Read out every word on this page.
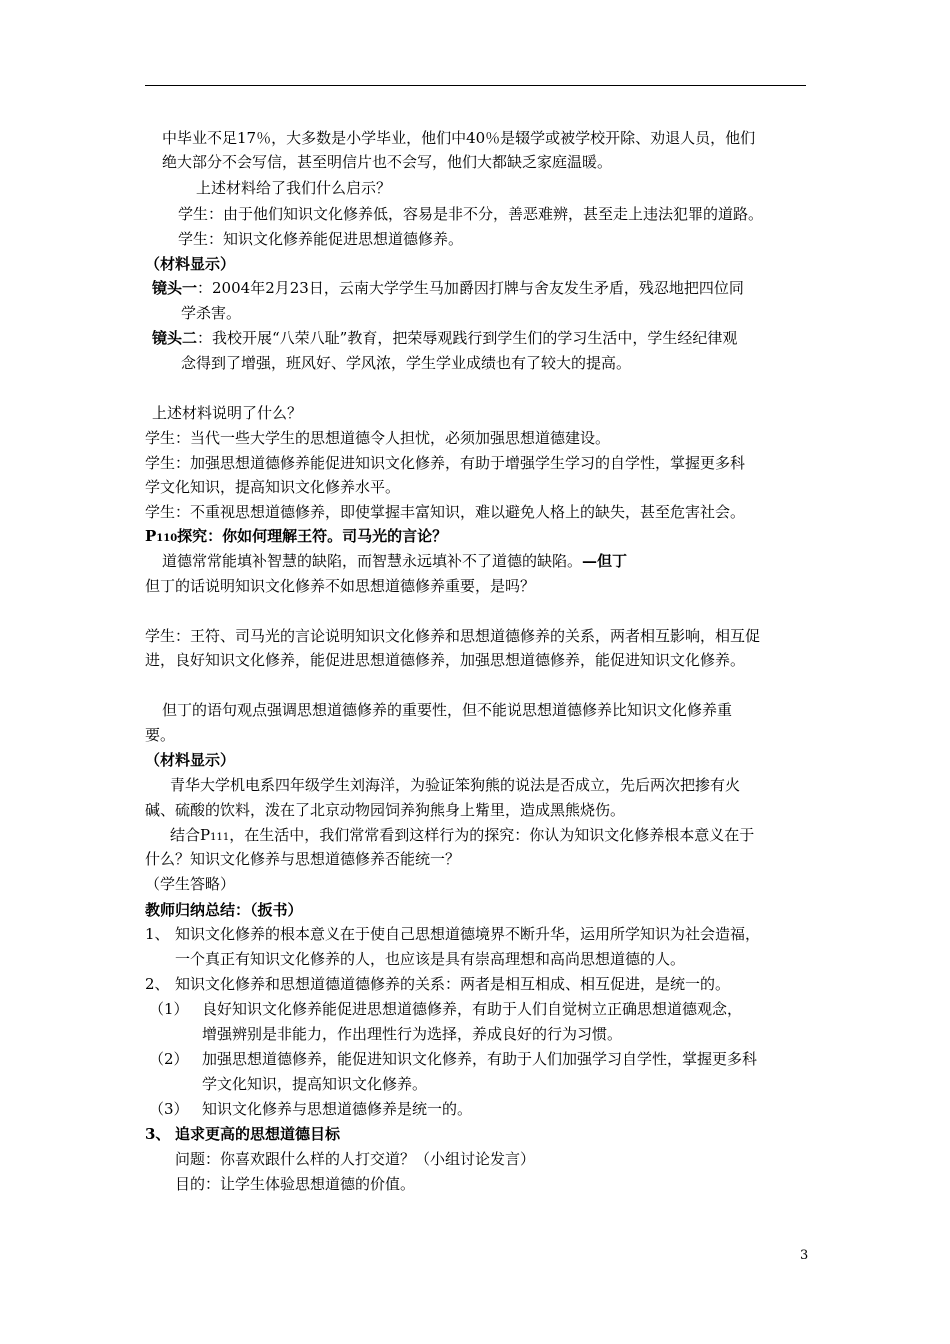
中毕业不足17％，大多数是小学毕业，他们中40％是辍学或被学校开除、劝退人员，他们
绝大部分不会写信，甚至明信片也不会写，他们大都缺乏家庭温暖。
上述材料给了我们什么启示？
学生：由于他们知识文化修养低，容易是非不分，善恶难辨，甚至走上违法犯罪的道路。
学生：知识文化修养能促进思想道德修养。
（材料显示）
镜头一：2004年2月23日，云南大学学生马加爵因打牌与舍友发生矛盾，残忍地把四位同
学杀害。
镜头二：我校开展“八荣八耻”教育，把荣辱观践行到学生们的学习生活中，学生经纪律观
念得到了增强，班风好、学风浓，学生学业成绩也有了较大的提高。
上述材料说明了什么？
学生：当代一些大学生的思想道德令人担忧，必须加强思想道德建设。
学生：加强思想道德修养能促进知识文化修养，有助于增强学生学习的自学性，掌握更多科
学文化知识，提高知识文化修养水平。
学生：不重视思想道德修养，即使掌握丰富知识，难以避免人格上的缺失，甚至危害社会。
P110探究：你如何理解王符。司马光的言论？
道德常常能填补智慧的缺陷，而智慧永远填补不了道德的缺陷。—但丁
但丁的话说明知识文化修养不如思想道德修养重要，是吗？
学生：王符、司马光的言论说明知识文化修养和思想道德修养的关系，两者相互影响，相互促
进，良好知识文化修养，能促进思想道德修养，加强思想道德修养，能促进知识文化修养。
但丁的语句观点强调思想道德修养的重要性，但不能说思想道德修养比知识文化修养重
要。
（材料显示）
青华大学机电系四年级学生刘海洋，为验证笨狗熊的说法是否成立，先后两次把掺有火
碱、硫酸的饮料，泼在了北京动物园饲养狗熊身上觜里，造成黑熊烧伤。
结合P111，在生活中，我们常常看到这样行为的探究：你认为知识文化修养根本意义在于
什么？知识文化修养与思想道德修养否能统一？
（学生答略）
教师归纳总结：（扳书）
1、 知识文化修养的根本意义在于使自己思想道德境界不断升华，运用所学知识为社会造福，
一个真正有知识文化修养的人，也应该是具有崇高理想和高尚思想道德的人。
2、 知识文化修养和思想道德道德修养的关系：两者是相互相成、相互促进，是统一的。
（1） 良好知识文化修养能促进思想道德修养，有助于人们自觉树立正确思想道德观念，
增强辨别是非能力，作出理性行为选择，养成良好的行为习惯。
（2） 加强思想道德修养，能促进知识文化修养，有助于人们加强学习自学性，掌握更多科
学文化知识，提高知识文化修养。
（3） 知识文化修养与思想道德修养是统一的。
3、 追求更高的思想道德目标
问题：你喜欢跟什么样的人打交道？（小组讨论发言）
目的：让学生体验思想道德的价值。
3
